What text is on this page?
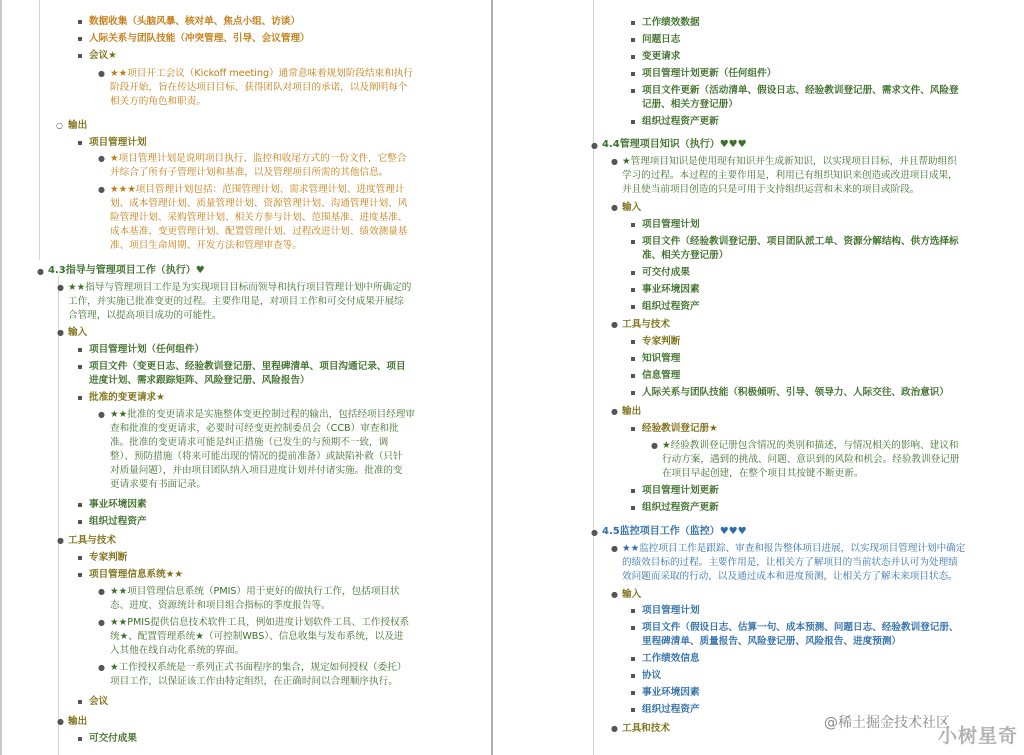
数据收集（头脑风暴、核对单、焦点小组、访谈）
人际关系与团队技能（冲突管理、引导、会议管理）
会议★
● ★★项目开工会议（Kickoff meeting）通常意味着规划阶段结束和执行
阶段开始，旨在传达项目目标、获得团队对项目的承诺，以及阐明每个
相关方的角色和职责。
○ 输出
项目管理计划
● ★项目管理计划是说明项目执行、监控和收尾方式的一份文件，它整合
并综合了所有子管理计划和基准，以及管理项目所需的其他信息。
● ★★★项目管理计划包括：范围管理计划、需求管理计划、进度管理计
划、成本管理计划、质量管理计划、资源管理计划、沟通管理计划、风
险管理计划、采购管理计划、相关方参与计划、范围基准、进度基准、
成本基准、变更管理计划、配置管理计划、过程改进计划、绩效测量基
准、项目生命周期、开发方法和管理审查等。
● 4.3指导与管理项目工作（执行）♥
● ★★指导与管理项目工作是为实现项目目标而领导和执行项目管理计划中所确定的
工作，并实施已批准变更的过程。主要作用是，对项目工作和可交付成果开展综
合管理，以提高项目成功的可能性。
● 输入
项目管理计划（任何组件）
项目文件（变更日志、经验教训登记册、里程碑清单、项目沟通记录、项目
进度计划、需求跟踪矩阵、风险登记册、风险报告）
批准的变更请求★
● ★★批准的变更请求是实施整体变更控制过程的输出，包括经项目经理审
查和批准的变更请求，必要时可经变更控制委员会（CCB）审查和批
准。批准的变更请求可能是纠正措施（已发生的与预期不一致，调
整）、预防措施（将来可能出现的情况的提前准备）或缺陷补救（只针
对质量问题），并由项目团队纳入项目进度计划并付诸实施。批准的变
更请求要有书面记录。
事业环境因素
组织过程资产
● 工具与技术
专家判断
项目管理信息系统★★
● ★★项目管理信息系统（PMIS）用于更好的做执行工作，包括项目状
态、进度、资源统计和项目组合指标的季度报告等。
● ★★PMIS提供信息技术软件工具，例如进度计划软件工具、工作授权系
统★、配置管理系统★（可控制WBS）、信息收集与发布系统，以及进
入其他在线自动化系统的界面。
● ★工作授权系统是一系列正式书面程序的集合，规定如何授权（委托）
项目工作，以保证该工作由特定组织，在正确时间以合理顺序执行。
会议
● 输出
可交付成果
工作绩效数据
问题日志
变更请求
项目管理计划更新（任何组件）
项目文件更新（活动清单、假设日志、经验教训登记册、需求文件、风险登
记册、相关方登记册）
组织过程资产更新
● 4.4管理项目知识（执行）♥♥♥
● ★管理项目知识是使用现有知识并生成新知识，以实现项目目标，并且帮助组织
学习的过程。本过程的主要作用是，利用已有组织知识来创造或改进项目成果，
并且使当前项目创造的只是可用于支持组织运营和未来的项目或阶段。
● 输入
项目管理计划
项目文件（经验教训登记册、项目团队派工单、资源分解结构、供方选择标
准、相关方登记册）
可交付成果
事业环境因素
组织过程资产
● 工具与技术
专家判断
知识管理
信息管理
人际关系与团队技能（积极倾听、引导、领导力、人际交往、政治意识）
● 输出
经验教训登记册★
● ★经验教训登记册包含情况的类别和描述，与情况相关的影响、建议和
行动方案，遇到的挑战、问题、意识到的风险和机会。经验教训登记册
在项目早起创建，在整个项目其按键不断更新。
项目管理计划更新
组织过程资产更新
● 4.5监控项目工作（监控）♥♥♥
● ★★监控项目工作是跟踪、审查和报告整体项目进展，以实现项目管理计划中确定
的绩效目标的过程。主要作用是，让相关方了解项目的当前状态并认可为处理绩
效问题而采取的行动，以及通过成本和进度预测，让相关方了解未来项目状态。
● 输入
项目管理计划
项目文件（假设日志、估算一句、成本预测、问题日志、经验教训登记册、
里程碑清单、质量报告、风险登记册、风险报告、进度预测）
工作绩效信息
协议
事业环境因素
组织过程资产
● 工具和技术	@稀土掘金技术社区
小树星奇
